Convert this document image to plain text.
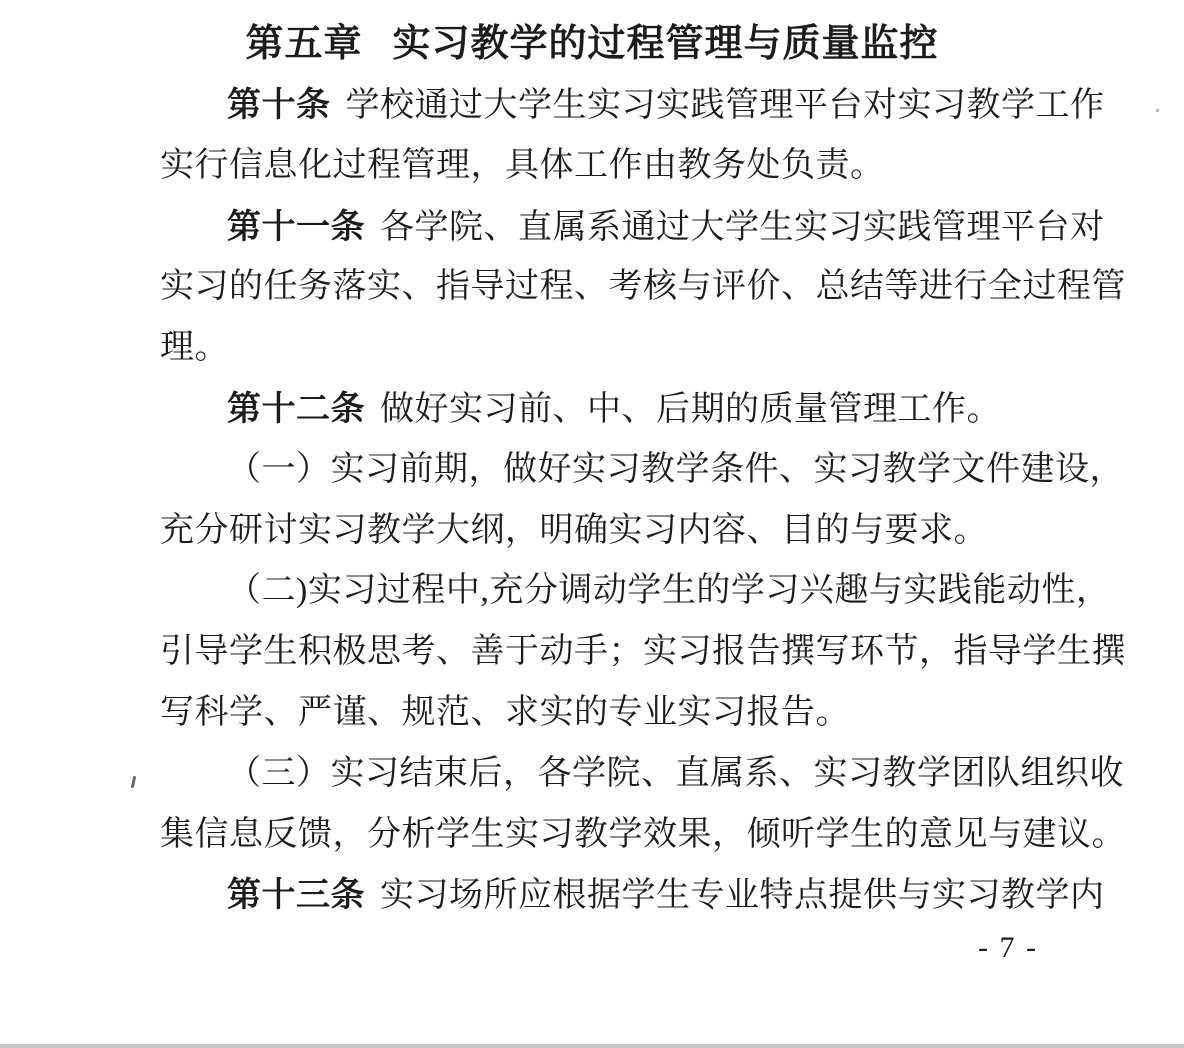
第五章 实习教学的过程管理与质量监控
第十条 学校通过大学生实习实践管理平台对实习教学工作
实行信息化过程管理，具体工作由教务处负责。
第十一条 各学院、直属系通过大学生实习实践管理平台对
实习的任务落实、指导过程、考核与评价、总结等进行全过程管
理。
第十二条 做好实习前、中、后期的质量管理工作。
（一）实习前期，做好实习教学条件、实习教学文件建设，
充分研讨实习教学大纲，明确实习内容、目的与要求。
（二)实习过程中,充分调动学生的学习兴趣与实践能动性，
引导学生积极思考、善于动手；实习报告撰写环节，指导学生撰
写科学、严谨、规范、求实的专业实习报告。
（三）实习结束后，各学院、直属系、实习教学团队组织收
集信息反馈，分析学生实习教学效果，倾听学生的意见与建议。
第十三条 实习场所应根据学生专业特点提供与实习教学内
- 7 -
